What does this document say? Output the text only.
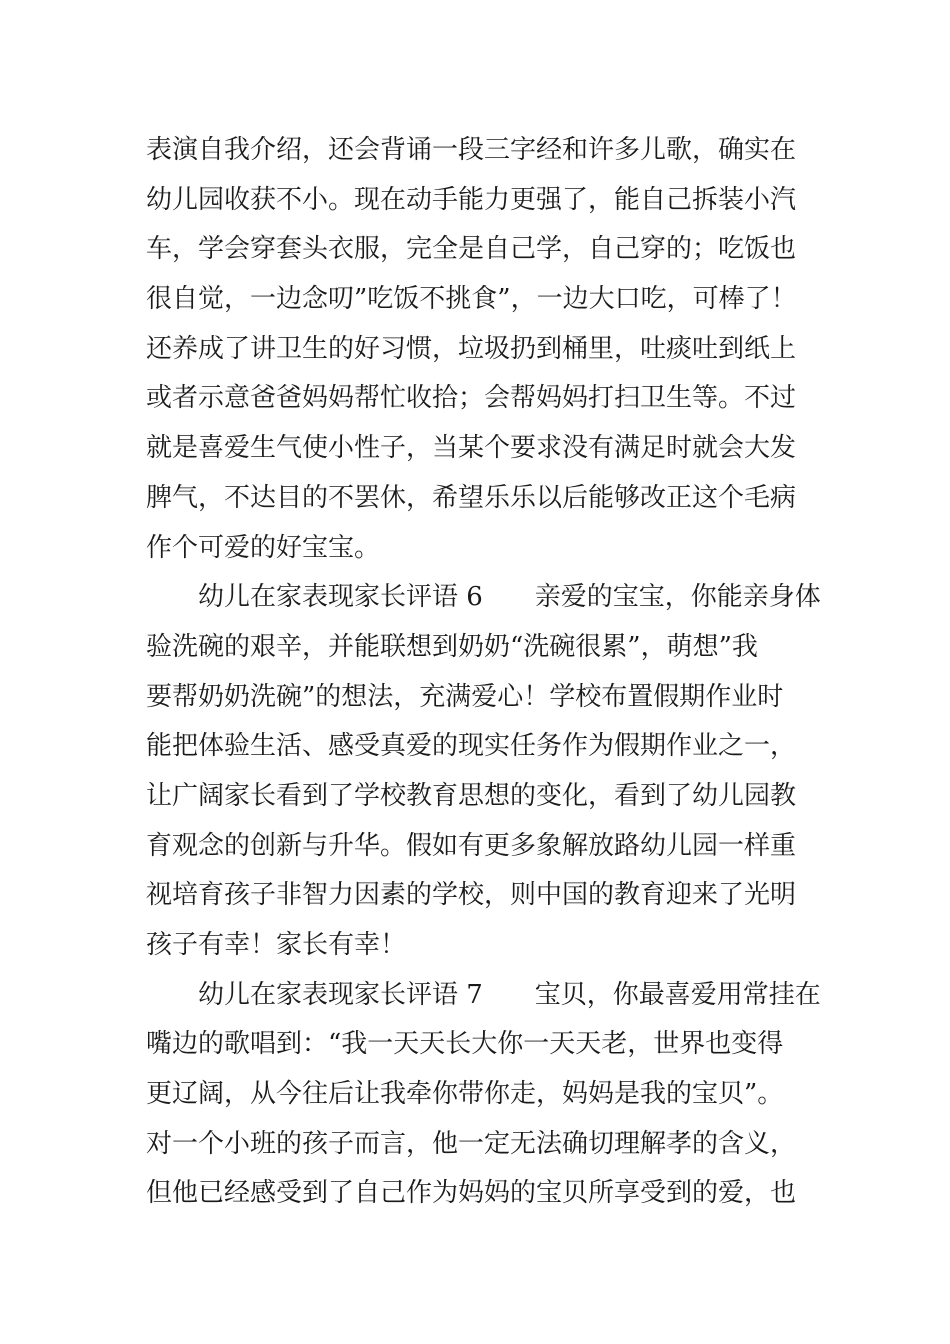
表演自我介绍，还会背诵一段三字经和许多儿歌，确实在
幼儿园收获不小。现在动手能力更强了，能自己拆装小汽
车，学会穿套头衣服，完全是自己学，自己穿的；吃饭也
很自觉，一边念叨”吃饭不挑食”，一边大口吃，可棒了！
还养成了讲卫生的好习惯，垃圾扔到桶里，吐痰吐到纸上
或者示意爸爸妈妈帮忙收拾；会帮妈妈打扫卫生等。不过
就是喜爱生气使小性子，当某个要求没有满足时就会大发
脾气，不达目的不罢休，希望乐乐以后能够改正这个毛病
作个可爱的好宝宝。
幼儿在家表现家长评语 6　　亲爱的宝宝，你能亲身体
验洗碗的艰辛，并能联想到奶奶“洗碗很累”，萌想”我
要帮奶奶洗碗”的想法，充满爱心！学校布置假期作业时
能把体验生活、感受真爱的现实任务作为假期作业之一，
让广阔家长看到了学校教育思想的变化，看到了幼儿园教
育观念的创新与升华。假如有更多象解放路幼儿园一样重
视培育孩子非智力因素的学校，则中国的教育迎来了光明
孩子有幸！家长有幸！
幼儿在家表现家长评语 7　　宝贝，你最喜爱用常挂在
嘴边的歌唱到：“我一天天长大你一天天老，世界也变得
更辽阔，从今往后让我牵你带你走，妈妈是我的宝贝”。
对一个小班的孩子而言，他一定无法确切理解孝的含义，
但他已经感受到了自己作为妈妈的宝贝所享受到的爱，也
